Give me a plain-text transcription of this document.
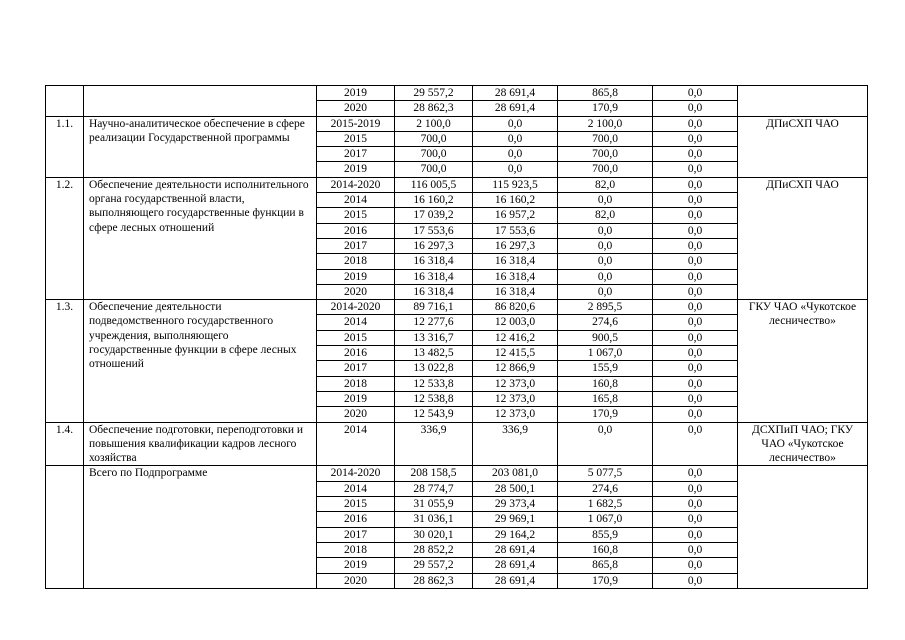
		2019	29 557,2	28 691,4	865,8	0,0	
		2020	28 862,3	28 691,4	170,9	0,0	
1.1.	Научно-аналитическое обеспечение в сфере реализации Государственной программы	2015-2019	2 100,0	0,0	2 100,0	0,0	ДПиСХП ЧАО
		2015	700,0	0,0	700,0	0,0	
		2017	700,0	0,0	700,0	0,0	
		2019	700,0	0,0	700,0	0,0	
1.2.	Обеспечение деятельности исполнительного органа государственной власти, выполняющего государственные функции в сфере лесных отношений	2014-2020	116 005,5	115 923,5	82,0	0,0	ДПиСХП ЧАО
		2014	16 160,2	16 160,2	0,0	0,0	
		2015	17 039,2	16 957,2	82,0	0,0	
		2016	17 553,6	17 553,6	0,0	0,0	
		2017	16 297,3	16 297,3	0,0	0,0	
		2018	16 318,4	16 318,4	0,0	0,0	
		2019	16 318,4	16 318,4	0,0	0,0	
		2020	16 318,4	16 318,4	0,0	0,0	
1.3.	Обеспечение деятельности подведомственного государственного учреждения, выполняющего государственные функции в сфере лесных отношений	2014-2020	89 716,1	86 820,6	2 895,5	0,0	ГКУ ЧАО «Чукотское лесничество»
		2014	12 277,6	12 003,0	274,6	0,0	
		2015	13 316,7	12 416,2	900,5	0,0	
		2016	13 482,5	12 415,5	1 067,0	0,0	
		2017	13 022,8	12 866,9	155,9	0,0	
		2018	12 533,8	12 373,0	160,8	0,0	
		2019	12 538,8	12 373,0	165,8	0,0	
		2020	12 543,9	12 373,0	170,9	0,0	
1.4.	Обеспечение подготовки, переподготовки и повышения квалификации кадров лесного хозяйства	2014	336,9	336,9	0,0	0,0	ДСХПиП ЧАО; ГКУ ЧАО «Чукотское лесничество»
	Всего по Подпрограмме	2014-2020	208 158,5	203 081,0	5 077,5	0,0	
		2014	28 774,7	28 500,1	274,6	0,0	
		2015	31 055,9	29 373,4	1 682,5	0,0	
		2016	31 036,1	29 969,1	1 067,0	0,0	
		2017	30 020,1	29 164,2	855,9	0,0	
		2018	28 852,2	28 691,4	160,8	0,0	
		2019	29 557,2	28 691,4	865,8	0,0	
		2020	28 862,3	28 691,4	170,9	0,0	
